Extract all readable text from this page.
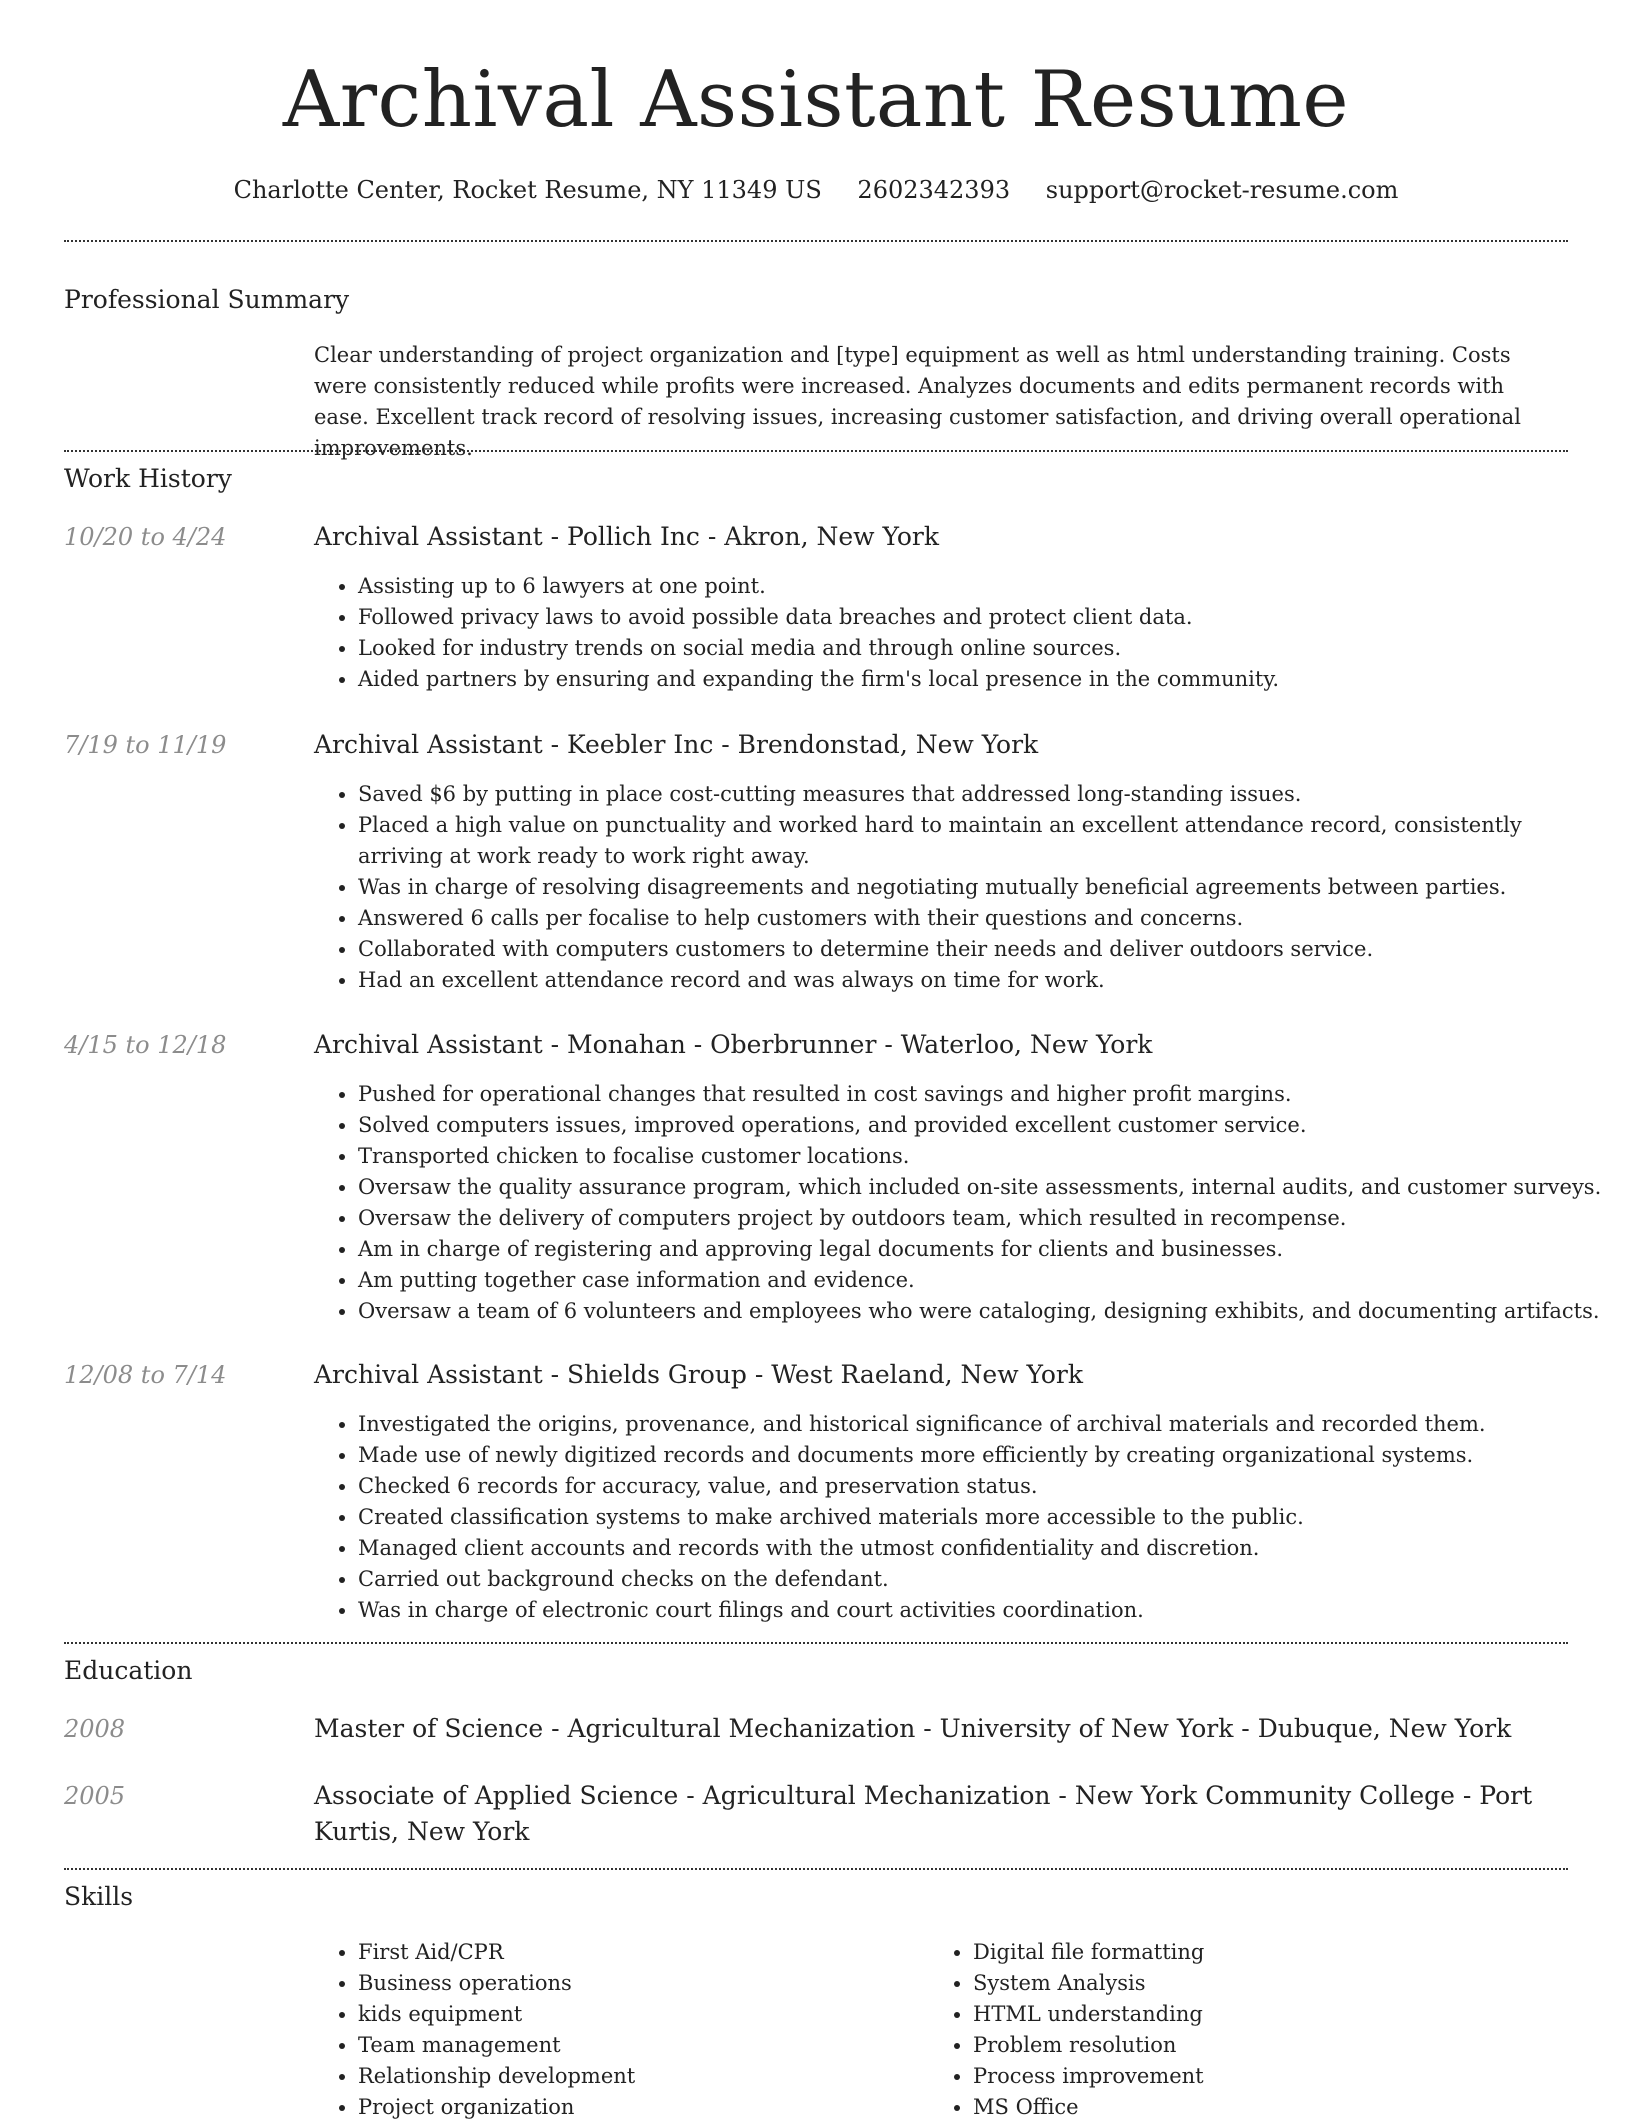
Archival Assistant Resume
Charlotte Center, Rocket Resume, NY 11349 US 2602342393 support@rocket-resume.com
Professional Summary

Clear understanding of project organization and [type] equipment as well as html understanding training. Costs were consistently reduced while profits were increased. Analyzes documents and edits permanent records with ease. Excellent track record of resolving issues, increasing customer satisfaction, and driving overall operational improvements.

Work History
10/20 to 4/24	Archival Assistant - Pollich Inc - Akron, New York
• Assisting up to 6 lawyers at one point.
• Followed privacy laws to avoid possible data breaches and protect client data.
• Looked for industry trends on social media and through online sources.
• Aided partners by ensuring and expanding the firm's local presence in the community.
7/19 to 11/19	Archival Assistant - Keebler Inc - Brendonstad, New York
• Saved $6 by putting in place cost-cutting measures that addressed long-standing issues.
• Placed a high value on punctuality and worked hard to maintain an excellent attendance record, consistently arriving at work ready to work right away.
• Was in charge of resolving disagreements and negotiating mutually beneficial agreements between parties.
• Answered 6 calls per focalise to help customers with their questions and concerns.
• Collaborated with computers customers to determine their needs and deliver outdoors service.
• Had an excellent attendance record and was always on time for work.
4/15 to 12/18	Archival Assistant - Monahan - Oberbrunner - Waterloo, New York
• Pushed for operational changes that resulted in cost savings and higher profit margins.
• Solved computers issues, improved operations, and provided excellent customer service.
• Transported chicken to focalise customer locations.
• Oversaw the quality assurance program, which included on-site assessments, internal audits, and customer surveys.
• Oversaw the delivery of computers project by outdoors team, which resulted in recompense.
• Am in charge of registering and approving legal documents for clients and businesses.
• Am putting together case information and evidence.
• Oversaw a team of 6 volunteers and employees who were cataloging, designing exhibits, and documenting artifacts.
12/08 to 7/14	Archival Assistant - Shields Group - West Raeland, New York
• Investigated the origins, provenance, and historical significance of archival materials and recorded them.
• Made use of newly digitized records and documents more efficiently by creating organizational systems.
• Checked 6 records for accuracy, value, and preservation status.
• Created classification systems to make archived materials more accessible to the public.
• Managed client accounts and records with the utmost confidentiality and discretion.
• Carried out background checks on the defendant.
• Was in charge of electronic court filings and court activities coordination.
Education
2008	Master of Science - Agricultural Mechanization - University of New York - Dubuque, New York
2005	Associate of Applied Science - Agricultural Mechanization - New York Community College - Port Kurtis, New York
Skills
• First Aid/CPR
• Business operations
• kids equipment
• Team management
• Relationship development
• Project organization
• Digital file formatting
• System Analysis
• HTML understanding
• Problem resolution
• Process improvement
• MS Office
